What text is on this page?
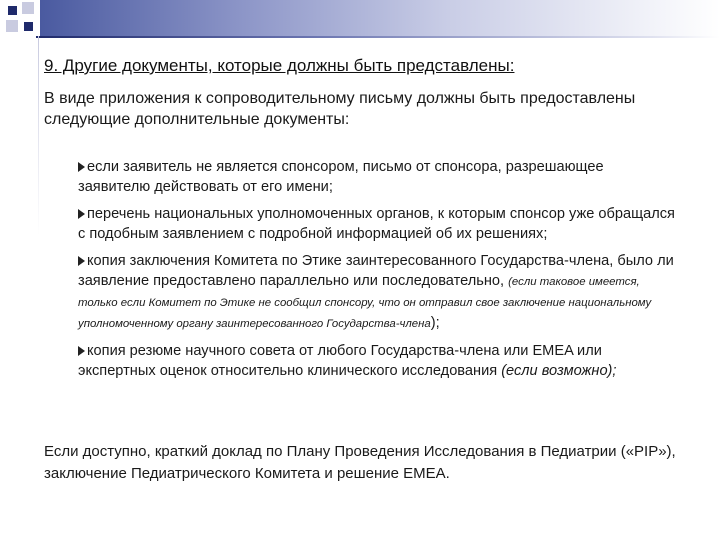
9. Другие документы, которые должны быть представлены:

В виде приложения к сопроводительному письму должны быть предоставлены следующие дополнительные документы:

если заявитель не является спонсором, письмо от спонсора, разрешающее заявителю действовать от его имени;
перечень национальных уполномоченных органов, к которым спонсор уже обращался с подобным заявлением с подробной информацией об их решениях;
копия заключения Комитета по Этике заинтересованного Государства-члена, было ли заявление предоставлено параллельно или последовательно, (если таковое имеется, только если Комитет по Этике не сообщил спонсору, что он отправил свое заключение национальному уполномоченному органу заинтересованного Государства-члена);
копия резюме научного совета от любого Государства-члена или EMEA или экспертных оценок относительно клинического исследования (если возможно);

Если доступно, краткий доклад по Плану Проведения Исследования в Педиатрии («PIP»), заключение Педиатрического Комитета и решение EMEA.
